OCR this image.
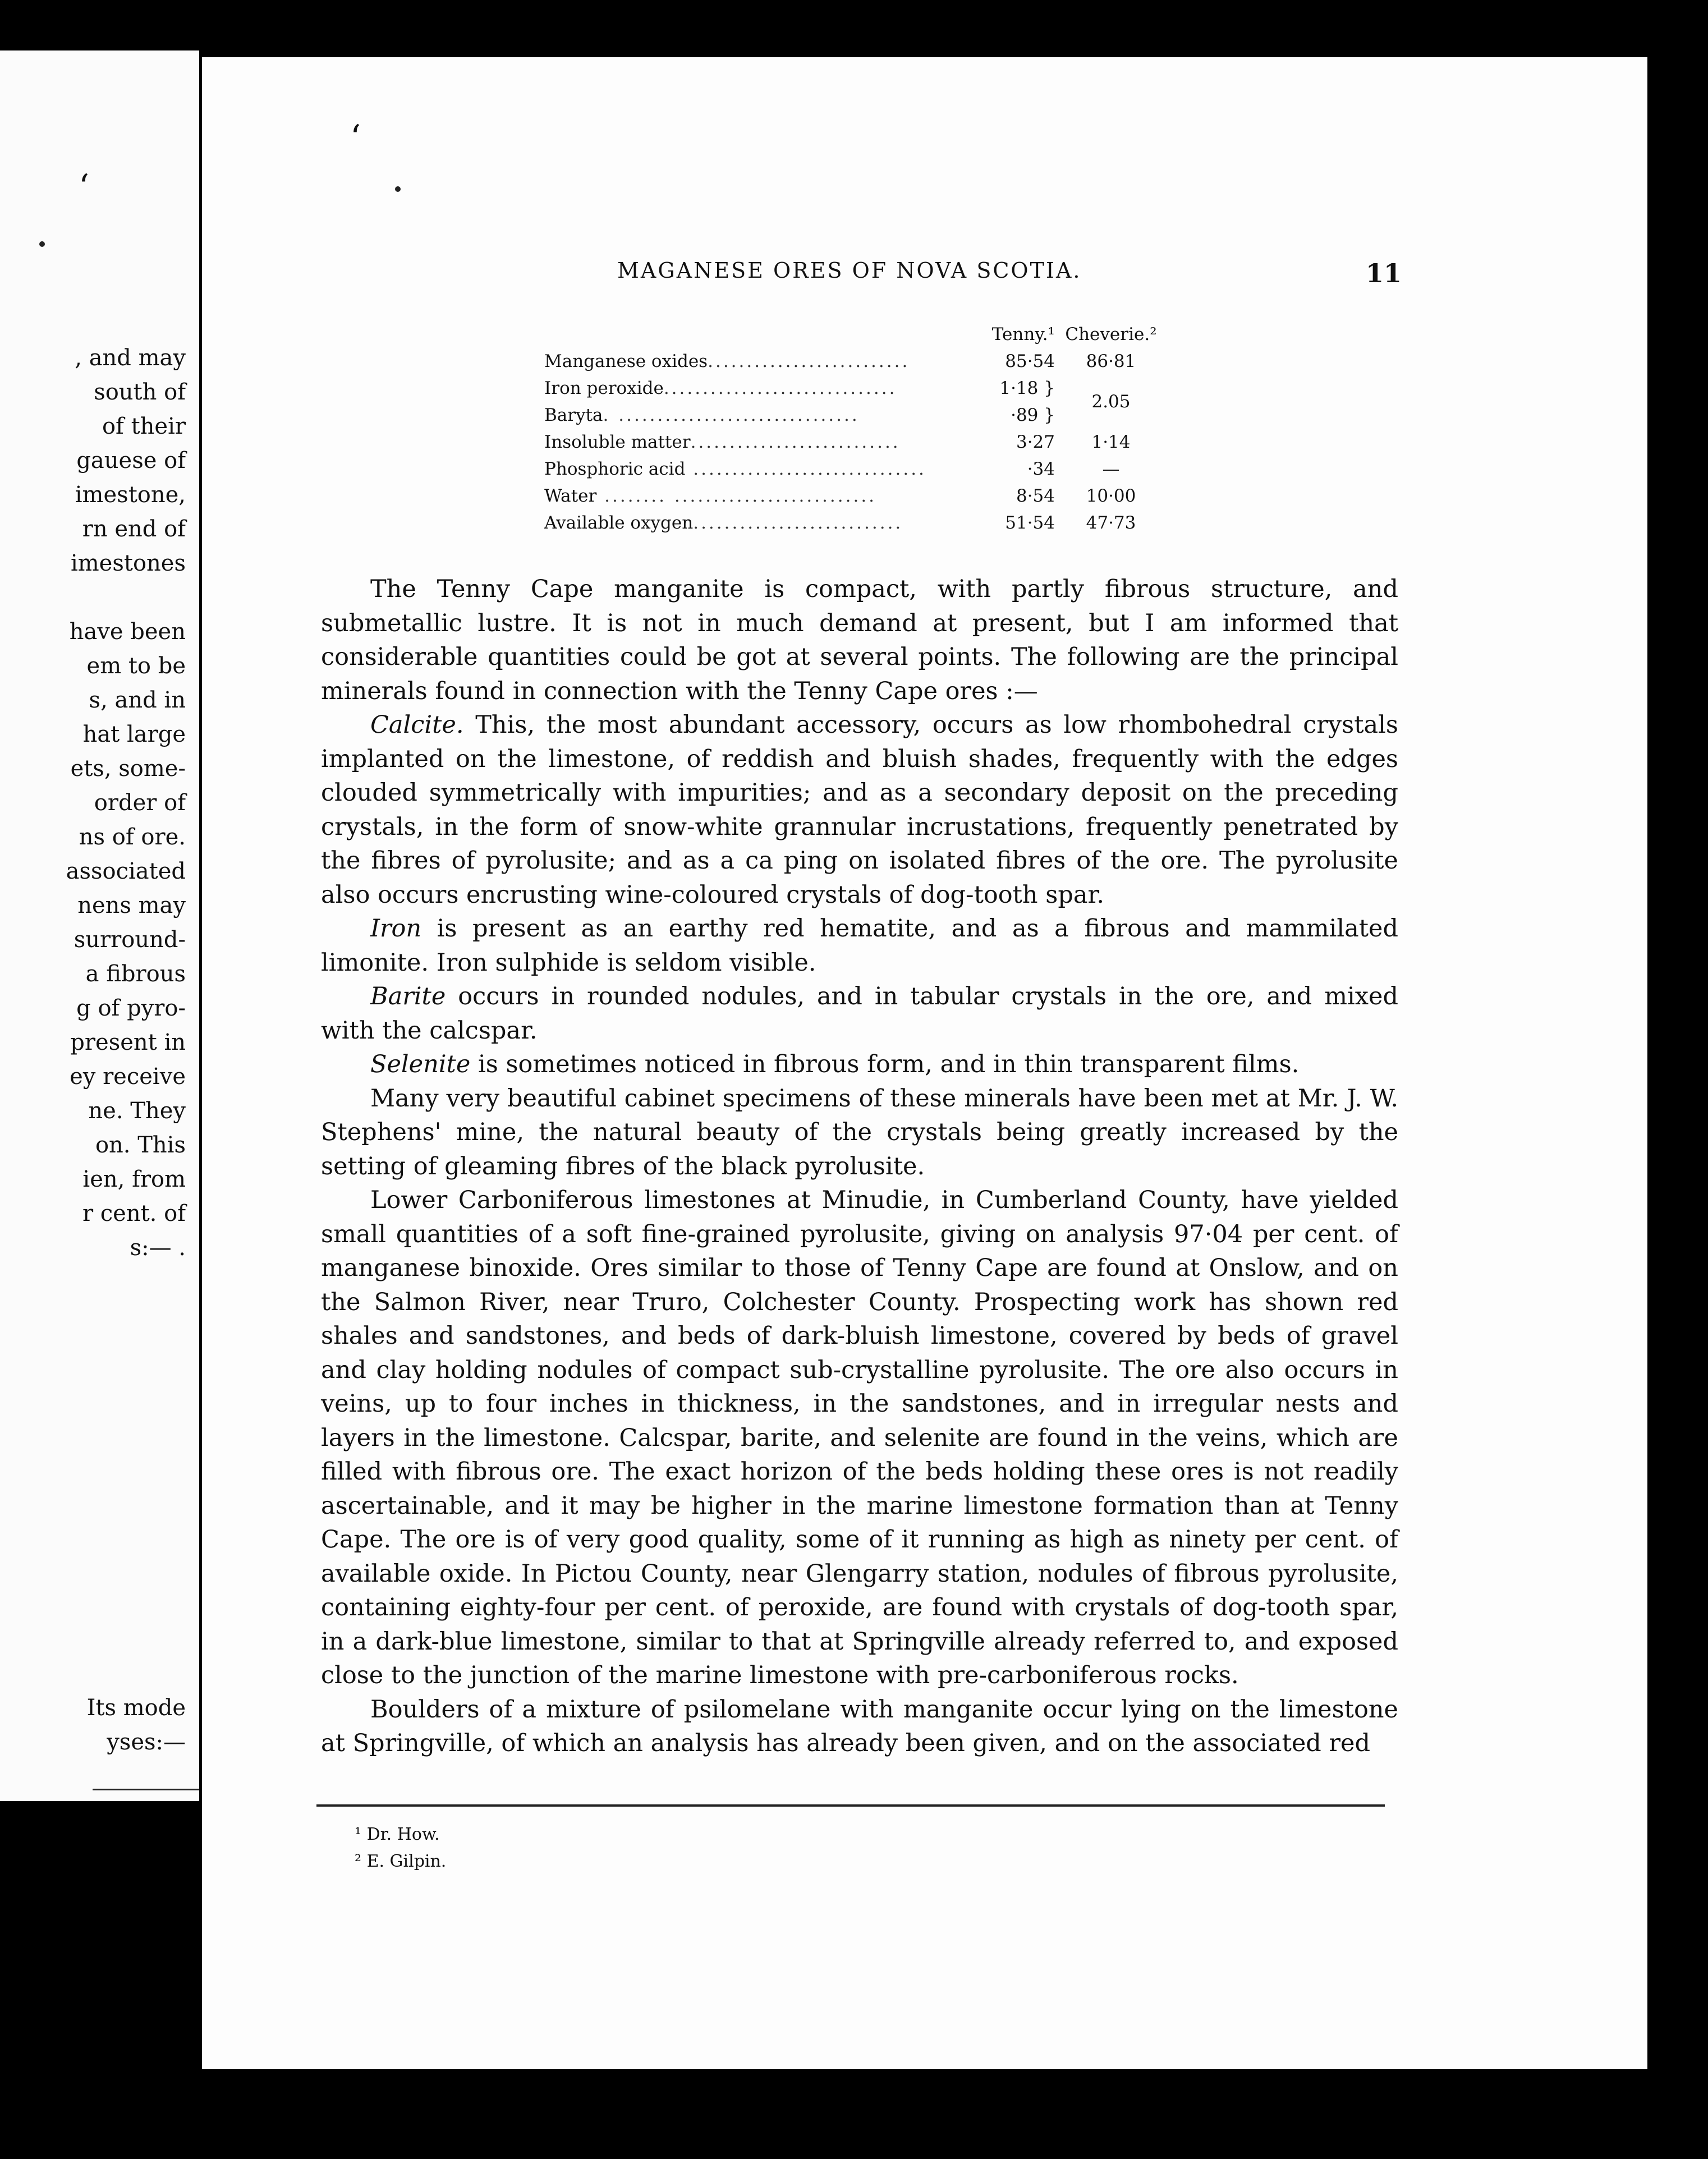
‘
, and may
south of
of their
gauese of
imestone,
rn end of
imestones

have been
em to be
s, and in
hat large
ets, some-
order of
ns of ore.
associated
nens may
surround-
a fibrous
g of pyro-
present in
ey receive
ne. They
on. This
ien, from
r cent. of
s:— .
Its mode
yses:—
‘
MAGANESE ORES OF NOVA SCOTIA.	11
	Tenny.¹	Cheverie.²
Manganese oxides..........................	85·54	86·81
Iron peroxide..............................	1·18 }	2.05
Baryta. ...............................	·89 }	
Insoluble matter...........................	3·27	1·14
Phosphoric acid ..............................	·34	—
Water ........ ..........................	8·54	10·00
Available oxygen...........................	51·54	47·73

The Tenny Cape manganite is compact, with partly fibrous structure, and submetallic lustre. It is not in much demand at present, but I am informed that considerable quantities could be got at several points. The following are the principal minerals found in connection with the Tenny Cape ores :—

Calcite. This, the most abundant accessory, occurs as low rhombohedral crystals implanted on the limestone, of reddish and bluish shades, frequently with the edges clouded symmetrically with impurities; and as a secondary deposit on the preceding crystals, in the form of snow-white grannular incrustations, frequently penetrated by the fibres of pyrolusite; and as a ca ping on isolated fibres of the ore. The pyrolusite also occurs encrusting wine-coloured crystals of dog-tooth spar.

Iron is present as an earthy red hematite, and as a fibrous and mammilated limonite. Iron sulphide is seldom visible.

Barite occurs in rounded nodules, and in tabular crystals in the ore, and mixed with the calcspar.

Selenite is sometimes noticed in fibrous form, and in thin transparent films.

Many very beautiful cabinet specimens of these minerals have been met at Mr. J. W. Stephens' mine, the natural beauty of the crystals being greatly increased by the setting of gleaming fibres of the black pyrolusite.

Lower Carboniferous limestones at Minudie, in Cumberland County, have yielded small quantities of a soft fine-grained pyrolusite, giving on analysis 97·04 per cent. of manganese binoxide. Ores similar to those of Tenny Cape are found at Onslow, and on the Salmon River, near Truro, Colchester County. Prospecting work has shown red shales and sandstones, and beds of dark-bluish limestone, covered by beds of gravel and clay holding nodules of compact sub-crystalline pyrolusite. The ore also occurs in veins, up to four inches in thickness, in the sandstones, and in irregular nests and layers in the limestone. Calcspar, barite, and selenite are found in the veins, which are filled with fibrous ore. The exact horizon of the beds holding these ores is not readily ascertainable, and it may be higher in the marine limestone formation than at Tenny Cape. The ore is of very good quality, some of it running as high as ninety per cent. of available oxide. In Pictou County, near Glengarry station, nodules of fibrous pyrolusite, containing eighty-four per cent. of peroxide, are found with crystals of dog-tooth spar, in a dark-blue limestone, similar to that at Springville already referred to, and exposed close to the junction of the marine limestone with pre-carboniferous rocks.

Boulders of a mixture of psilomelane with manganite occur lying on the limestone at Springville, of which an analysis has already been given, and on the associated red

¹ Dr. How.
² E. Gilpin.
